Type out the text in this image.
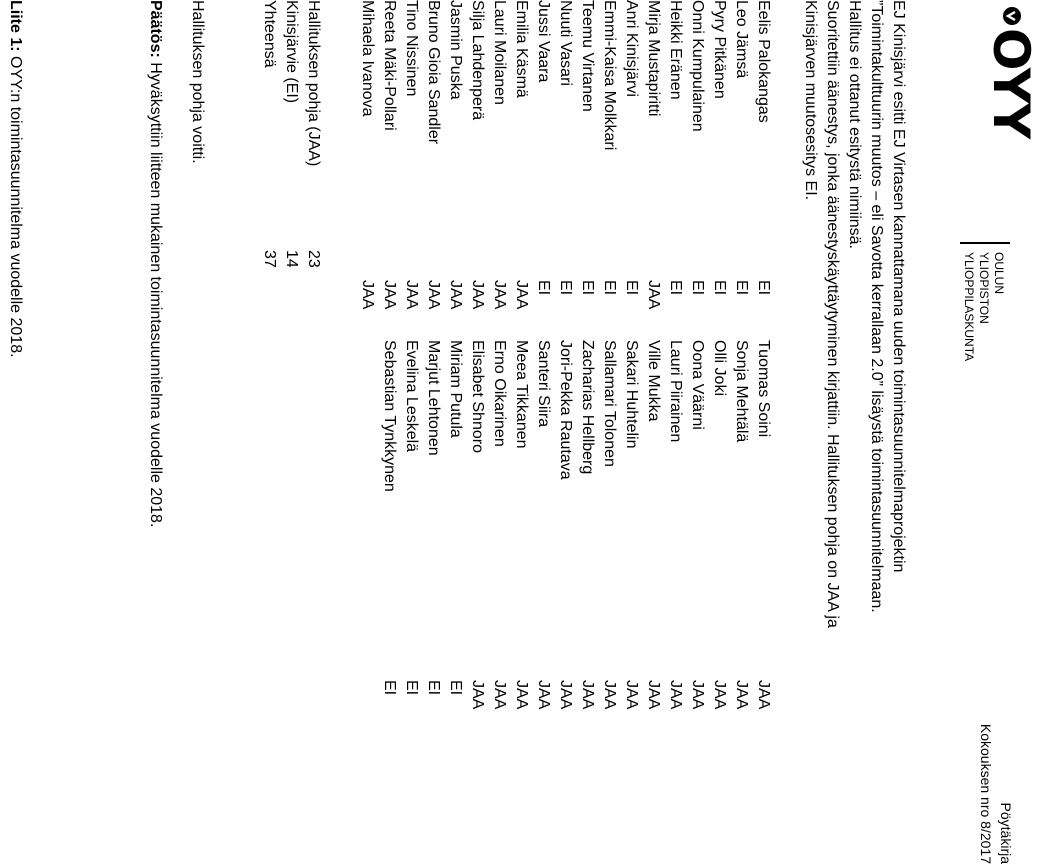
OYY
OULUN
YLIOPISTON
YLIOPPILASKUNTA
Pöytäkirja
Kokouksen nro 8/2017
EJ Kinisjärvi esitti EJ Virtasen kannattamana uuden toimintasuunnitelmaprojektin
”Toimintakulttuurin muutos – eli Savotta kerrallaan 2.0” lisäystä toimintasuunnitelmaan.
Hallitus ei ottanut esitystä nimiinsä.
Suoritettiin äänestys, jonka äänestyskäyttäytyminen kirjattiin. Hallituksen pohja on JAA ja
Kinisjärven muutosesitys EI.
Eelis Palokangas
EI
Leo Jämsä
EI
Pyry Pitkänen
EI
Onni Kumpulainen
EI
Heikki Eränen
EI
Mirja Mustapiritti
JAA
Anri Kinisjärvi
EI
Emmi-Kaisa Molkkari
EI
Teemu Virtanen
EI
Nuuti Vasari
EI
Jussi Vaara
EI
Emilia Käsmä
JAA
Lauri Moilanen
JAA
Silja Lahdenperä
JAA
Jasmin Puska
JAA
Bruno Gioia Sandler
JAA
Tino Nissinen
JAA
Reeta Mäki-Pollari
JAA
Mihaela Ivanova
JAA
Tuomas Soini
JAA
Sonja Mehtälä
JAA
Olli Joki
JAA
Oona Väärni
JAA
Lauri Piirainen
JAA
Ville Mukka
JAA
Sakari Huhtelin
JAA
Sallamari Tolonen
JAA
Zacharias Hellberg
JAA
Jori-Pekka Rautava
JAA
Santeri Siira
JAA
Meea Tikkanen
JAA
Erno Oikarinen
JAA
Elisabet Shnoro
JAA
Miriam Putula
EI
Marjut Lehtonen
EI
Evelina Leskelä
EI
Sebastian Tynkkynen
EI
Hallituksen pohja (JAA)
23
Kinisjärvie (EI)
14
Yhteensä
37
Hallituksen pohja voitti.
Päätös: Hyväksyttiin liitteen mukainen toimintasuunnitelma vuodelle 2018.
Liite 1: OYY:n toimintasuunnitelma vuodelle 2018.
